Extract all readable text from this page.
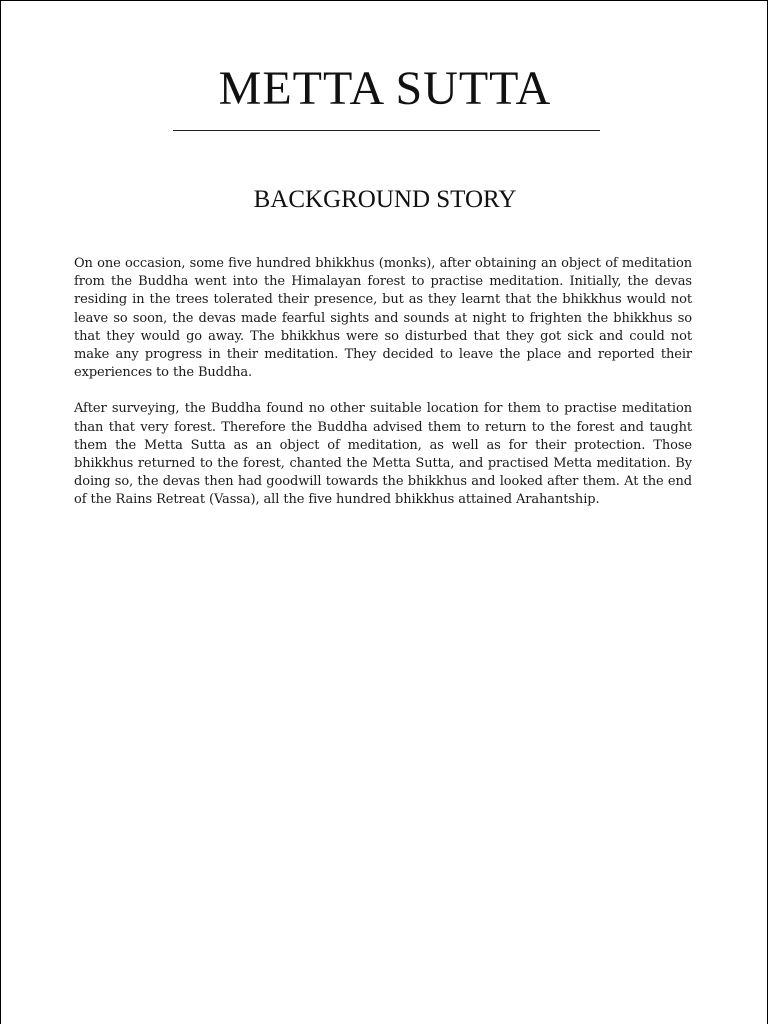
METTA SUTTA
BACKGROUND STORY

On one occasion, some five hundred bhikkhus (monks), after obtaining an object of meditation from the Buddha went into the Himalayan forest to practise meditation. Initially, the devas residing in the trees tolerated their presence, but as they learnt that the bhikkhus would not leave so soon, the devas made fearful sights and sounds at night to frighten the bhikkhus so that they would go away. The bhikkhus were so disturbed that they got sick and could not make any progress in their meditation. They decided to leave the place and reported their experiences to the Buddha.

After surveying, the Buddha found no other suitable location for them to practise meditation than that very forest. Therefore the Buddha advised them to return to the forest and taught them the Metta Sutta as an object of meditation, as well as for their protection. Those bhikkhus returned to the forest, chanted the Metta Sutta, and practised Metta meditation. By doing so, the devas then had goodwill towards the bhikkhus and looked after them. At the end of the Rains Retreat (Vassa), all the five hundred bhikkhus attained Arahantship.
